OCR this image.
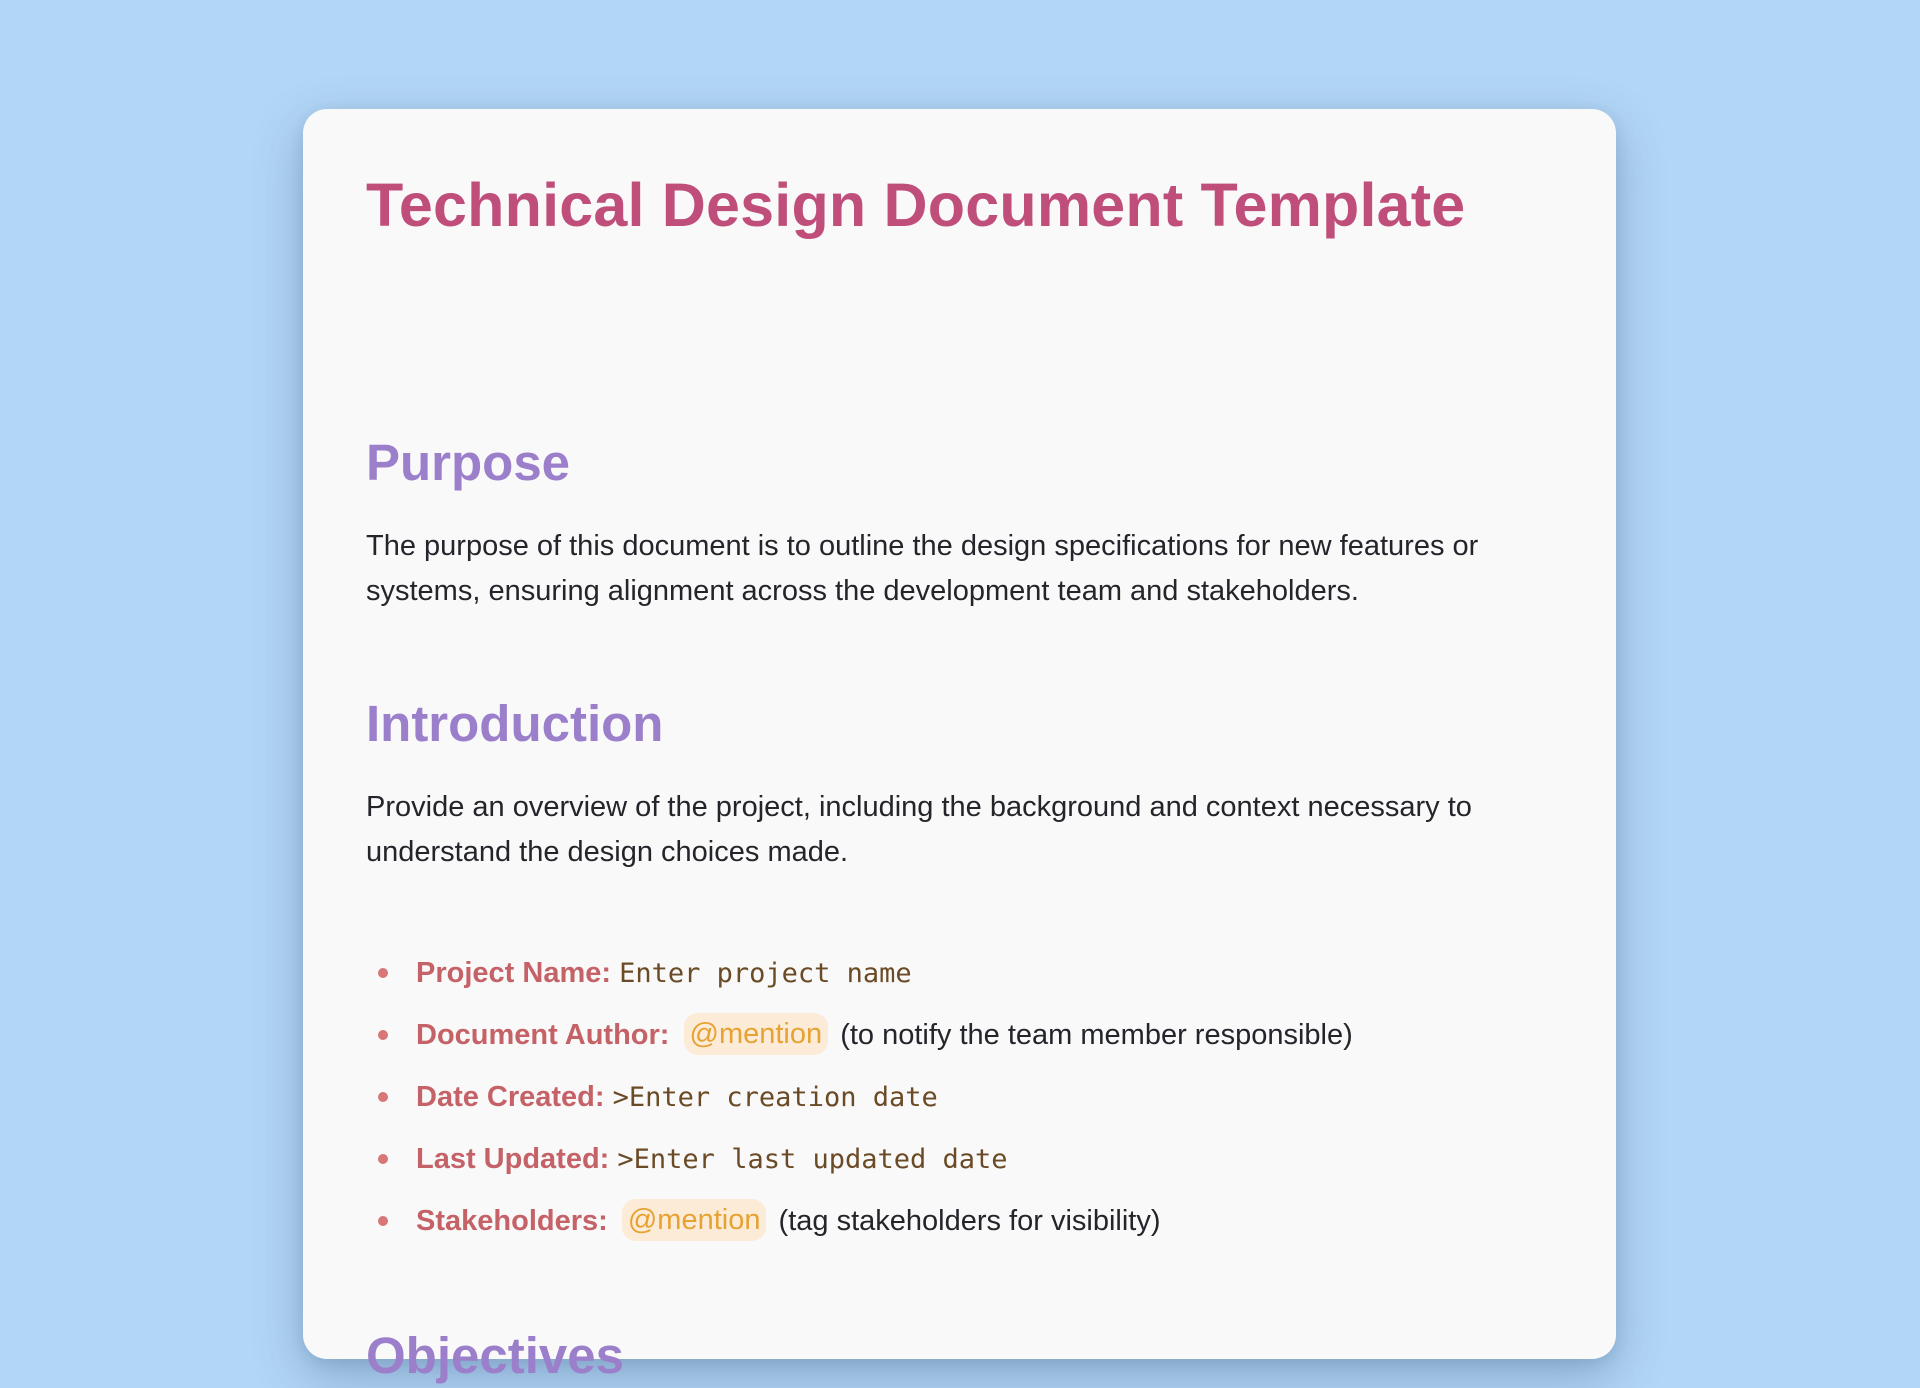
Technical Design Document Template
Purpose

The purpose of this document is to outline the design specifications for new features or systems, ensuring alignment across the development team and stakeholders.

Introduction

Provide an overview of the project, including the background and context necessary to understand the design choices made.

Project Name: Enter project name
Document Author: @mention (to notify the team member responsible)
Date Created: >Enter creation date
Last Updated: >Enter last updated date
Stakeholders: @mention (tag stakeholders for visibility)
Objectives
